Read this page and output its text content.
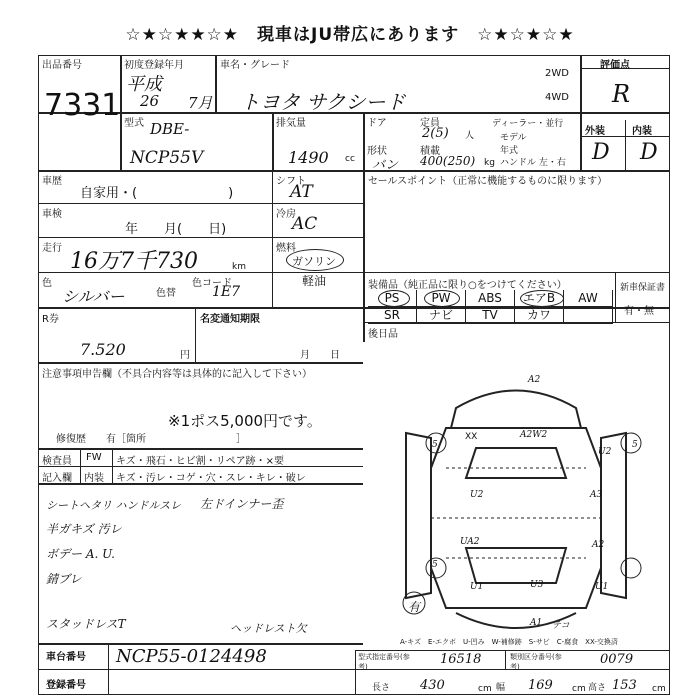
☆★☆★★☆★　現車はJU帯広にあります　☆★☆★☆★
出品番号
7331
初度登録年月
平成
26 7月
車名・グレード
トヨタ サクシード
2WD
4WD
評価点
R
型式 DBE-
NCP55V
排気量
1490 cc
ドア	定員
2(5) 人
ディーラー・並行
モデル年式
形状
バン
積載
400(250) kg ハンドル 左・右
外装	内装
D D
車歴
自家用・(　　　　　　　)
シフト
AT
セールスポイント（正常に機能するものに限ります）
車検
年　　月(　　日)
冷房
AC
走行
16万7千730	km
燃料
ガソリン
軽油
色
シルバー	色替
色コード
1E7	装備品（純正品に限り○をつけてください）
PS	PW	ABS	エアB	AW
SR	ナビ	TV	カワ
新車保証書
有・無
R券
7.520	円
名変通知期限
月　　日
後日品
注意事項申告欄（不具合内容等は具体的に記入して下さい）
※1ポス5,000円です。
修復歴　　有［箇所　　　　　　　　　］
検査員
記入欄
FW キズ・飛石・ヒビ割・リペア跡・×要
内装 キズ・汚レ・コゲ・穴・スレ・キレ・破レ
シートヘタリ ハンドルスレ 左ドインナー歪
半ガキズ 汚レ
ボデー A. U.
錆ブレ
スタッドレスT	ヘッドレスト欠
A2
XX	A2W2
5
U2
U2
A3
UA2	A2
5
U1	U3	U1
5
A1
有
テコ
A-キズ　E-エクボ　U-凹み　W-補修跡　S-サビ　C-腐食　XX-交換済
車台番号 NCP55-0124498
登録番号
型式指定番号(参考)	16518	類別区分番号(参考)	0079
長さ 430	cm 幅 169 cm 高さ 153 cm
